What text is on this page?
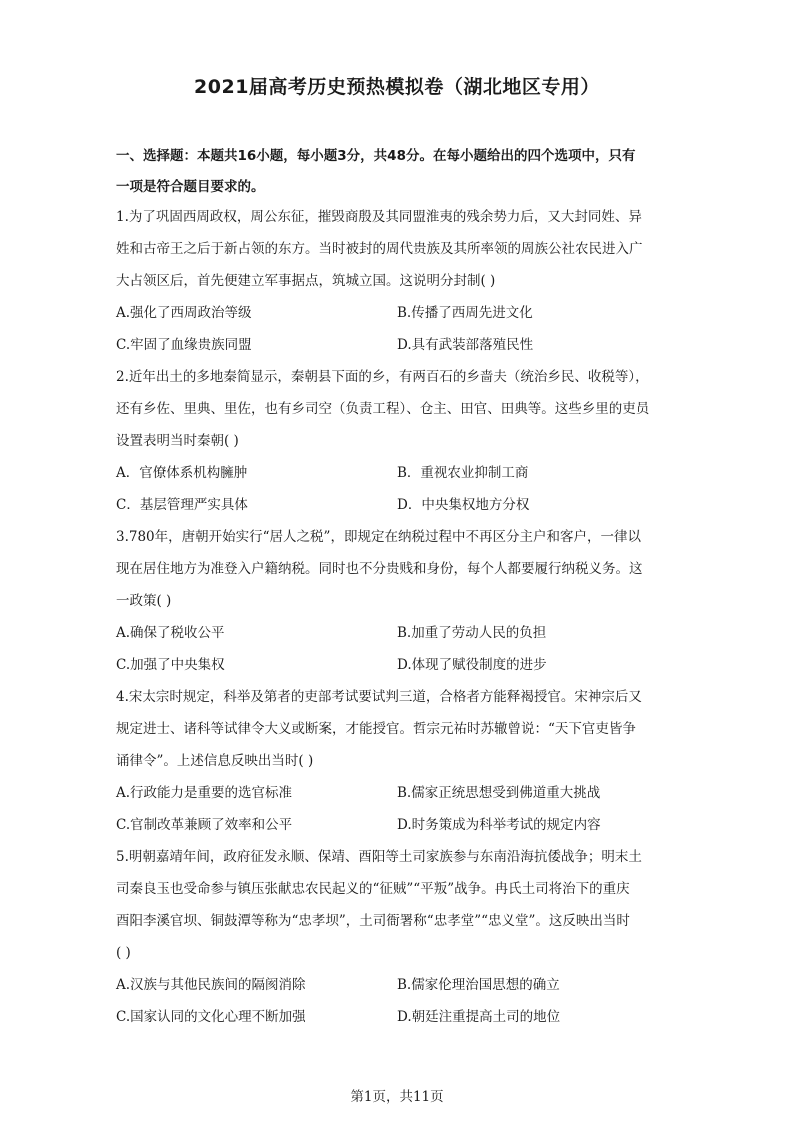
2021届高考历史预热模拟卷（湖北地区专用）
一、选择题：本题共16小题，每小题3分，共48分。在每小题给出的四个选项中，只有
一项是符合题目要求的。
1.为了巩固西周政权，周公东征，摧毁商殷及其同盟淮夷的残余势力后，又大封同姓、异
姓和古帝王之后于新占领的东方。当时被封的周代贵族及其所率领的周族公社农民进入广
大占领区后，首先便建立军事据点，筑城立国。这说明分封制( )
A.强化了西周政治等级	B.传播了西周先进文化
C.牢固了血缘贵族同盟	D.具有武装部落殖民性
2.近年出土的多地秦简显示，秦朝县下面的乡，有两百石的乡啬夫（统治乡民、收税等），
还有乡佐、里典、里佐，也有乡司空（负责工程）、仓主、田官、田典等。这些乡里的吏员
设置表明当时秦朝( )
A．官僚体系机构臃肿	B．重视农业抑制工商
C．基层管理严实具体	D．中央集权地方分权
3.780年，唐朝开始实行“居人之税”，即规定在纳税过程中不再区分主户和客户，一律以
现在居住地方为准登入户籍纳税。同时也不分贵贱和身份，每个人都要履行纳税义务。这
一政策( )
A.确保了税收公平	B.加重了劳动人民的负担
C.加强了中央集权	D.体现了赋役制度的进步
4.宋太宗时规定，科举及第者的吏部考试要试判三道，合格者方能释褐授官。宋神宗后又
规定进士、诸科等试律令大义或断案，才能授官。哲宗元祐时苏辙曾说：“天下官吏皆争
诵律令”。上述信息反映出当时( )
A.行政能力是重要的选官标准	B.儒家正统思想受到佛道重大挑战
C.官制改革兼顾了效率和公平	D.时务策成为科举考试的规定内容
5.明朝嘉靖年间，政府征发永顺、保靖、酉阳等土司家族参与东南沿海抗倭战争；明末土
司秦良玉也受命参与镇压张献忠农民起义的“征贼”“平叛”战争。冉氏土司将治下的重庆
酉阳李溪官坝、铜鼓潭等称为“忠孝坝”，土司衙署称“忠孝堂”“忠义堂”。这反映出当时
( )
A.汉族与其他民族间的隔阂消除	B.儒家伦理治国思想的确立
C.国家认同的文化心理不断加强	D.朝廷注重提高土司的地位
第1页，共11页
